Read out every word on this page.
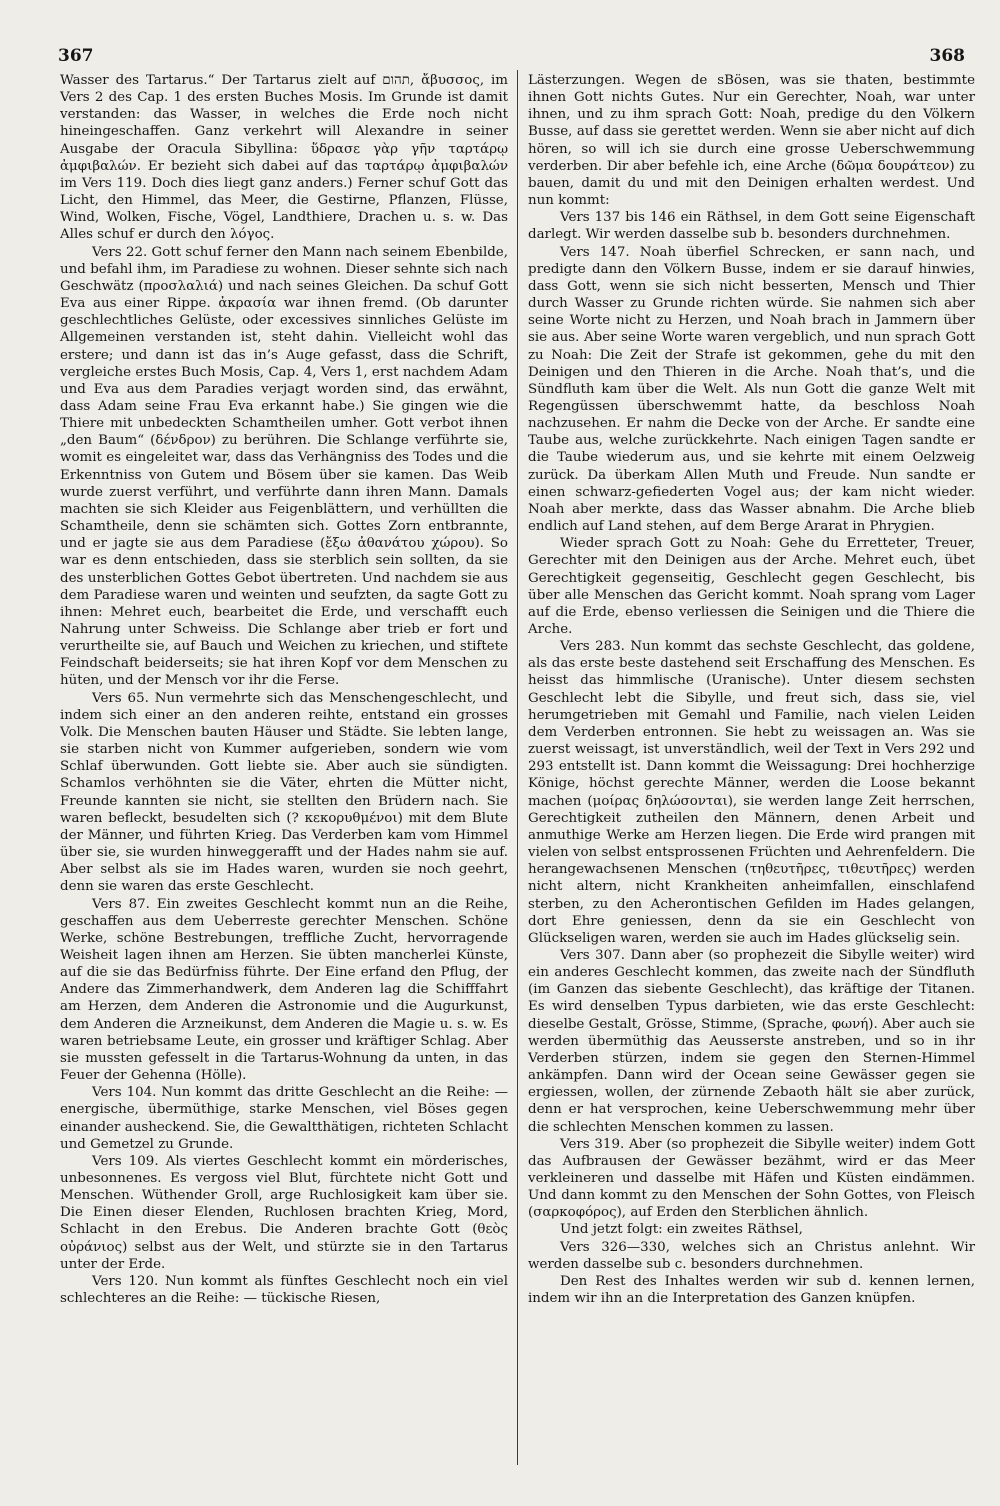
367	368

Wasser des Tartarus.“ Der Tartarus zielt auf תהום, ἄβυσσος, im Vers 2 des Cap. 1 des ersten Buches Mosis. Im Grunde ist damit verstanden: das Wasser, in welches die Erde noch nicht hineingeschaffen. Ganz verkehrt will Alexandre in seiner Ausgabe der Oracula Sibyllina: ὕδρασε γὰρ γῆν ταρτάρῳ ἀμφιβαλών. Er bezieht sich dabei auf das ταρτάρῳ ἀμφιβαλών im Vers 119. Doch dies liegt ganz anders.) Ferner schuf Gott das Licht, den Himmel, das Meer, die Gestirne, Pflanzen, Flüsse, Wind, Wolken, Fische, Vögel, Landthiere, Drachen u. s. w. Das Alles schuf er durch den λόγος.

Vers 22. Gott schuf ferner den Mann nach seinem Ebenbilde, und befahl ihm, im Paradiese zu wohnen. Dieser sehnte sich nach Geschwätz (προσλαλιά) und nach seines Gleichen. Da schuf Gott Eva aus einer Rippe. ἀκρασία war ihnen fremd. (Ob darunter geschlechtliches Gelüste, oder excessives sinnliches Gelüste im Allgemeinen verstanden ist, steht dahin. Vielleicht wohl das erstere; und dann ist das in’s Auge gefasst, dass die Schrift, vergleiche erstes Buch Mosis, Cap. 4, Vers 1, erst nachdem Adam und Eva aus dem Paradies verjagt worden sind, das erwähnt, dass Adam seine Frau Eva erkannt habe.) Sie gingen wie die Thiere mit unbedeckten Schamtheilen umher. Gott verbot ihnen „den Baum“ (δένδρον) zu berühren. Die Schlange verführte sie, womit es eingeleitet war, dass das Verhängniss des Todes und die Erkenntniss von Gutem und Bösem über sie kamen. Das Weib wurde zuerst verführt, und verführte dann ihren Mann. Damals machten sie sich Kleider aus Feigenblättern, und verhüllten die Schamtheile, denn sie schämten sich. Gottes Zorn entbrannte, und er jagte sie aus dem Paradiese (ἔξω ἀθανάτου χώρου). So war es denn entschieden, dass sie sterblich sein sollten, da sie des unsterblichen Gottes Gebot übertreten. Und nachdem sie aus dem Paradiese waren und weinten und seufzten, da sagte Gott zu ihnen: Mehret euch, bearbeitet die Erde, und verschafft euch Nahrung unter Schweiss. Die Schlange aber trieb er fort und verurtheilte sie, auf Bauch und Weichen zu kriechen, und stiftete Feindschaft beiderseits; sie hat ihren Kopf vor dem Menschen zu hüten, und der Mensch vor ihr die Ferse.

Vers 65. Nun vermehrte sich das Menschengeschlecht, und indem sich einer an den anderen reihte, entstand ein grosses Volk. Die Menschen bauten Häuser und Städte. Sie lebten lange, sie starben nicht von Kummer aufgerieben, sondern wie vom Schlaf überwunden. Gott liebte sie. Aber auch sie sündigten. Schamlos verhöhnten sie die Väter, ehrten die Mütter nicht, Freunde kannten sie nicht, sie stellten den Brüdern nach. Sie waren befleckt, besudelten sich (? κεκορυθμένοι) mit dem Blute der Männer, und führten Krieg. Das Verderben kam vom Himmel über sie, sie wurden hinweggerafft und der Hades nahm sie auf. Aber selbst als sie im Hades waren, wurden sie noch geehrt, denn sie waren das erste Geschlecht.

Vers 87. Ein zweites Geschlecht kommt nun an die Reihe, geschaffen aus dem Ueberreste gerechter Menschen. Schöne Werke, schöne Bestrebungen, treffliche Zucht, hervorragende Weisheit lagen ihnen am Herzen. Sie übten mancherlei Künste, auf die sie das Bedürfniss führte. Der Eine erfand den Pflug, der Andere das Zimmerhandwerk, dem Anderen lag die Schifffahrt am Herzen, dem Anderen die Astronomie und die Augurkunst, dem Anderen die Arzneikunst, dem Anderen die Magie u. s. w. Es waren betriebsame Leute, ein grosser und kräftiger Schlag. Aber sie mussten gefesselt in die Tartarus-Wohnung da unten, in das Feuer der Gehenna (Hölle).

Vers 104. Nun kommt das dritte Geschlecht an die Reihe: — energische, übermüthige, starke Menschen, viel Böses gegen einander ausheckend. Sie, die Gewaltthätigen, richteten Schlacht und Gemetzel zu Grunde.

Vers 109. Als viertes Geschlecht kommt ein mörderisches, unbesonnenes. Es vergoss viel Blut, fürchtete nicht Gott und Menschen. Wüthender Groll, arge Ruchlosigkeit kam über sie. Die Einen dieser Elenden, Ruchlosen brachten Krieg, Mord, Schlacht in den Erebus. Die Anderen brachte Gott (θεὸς οὐράνιος) selbst aus der Welt, und stürzte sie in den Tartarus unter der Erde.

Vers 120. Nun kommt als fünftes Geschlecht noch ein viel schlechteres an die Reihe: — tückische Riesen,

Lästerzungen. Wegen de sBösen, was sie thaten, bestimmte ihnen Gott nichts Gutes. Nur ein Gerechter, Noah, war unter ihnen, und zu ihm sprach Gott: Noah, predige du den Völkern Busse, auf dass sie gerettet werden. Wenn sie aber nicht auf dich hören, so will ich sie durch eine grosse Ueberschwemmung verderben. Dir aber befehle ich, eine Arche (δῶμα δουράτεον) zu bauen, damit du und mit den Deinigen erhalten werdest. Und nun kommt:

Vers 137 bis 146 ein Räthsel, in dem Gott seine Eigenschaft darlegt. Wir werden dasselbe sub b. besonders durchnehmen.

Vers 147. Noah überfiel Schrecken, er sann nach, und predigte dann den Völkern Busse, indem er sie darauf hinwies, dass Gott, wenn sie sich nicht besserten, Mensch und Thier durch Wasser zu Grunde richten würde. Sie nahmen sich aber seine Worte nicht zu Herzen, und Noah brach in Jammern über sie aus. Aber seine Worte waren vergeblich, und nun sprach Gott zu Noah: Die Zeit der Strafe ist gekommen, gehe du mit den Deinigen und den Thieren in die Arche. Noah that’s, und die Sündfluth kam über die Welt. Als nun Gott die ganze Welt mit Regengüssen überschwemmt hatte, da beschloss Noah nachzusehen. Er nahm die Decke von der Arche. Er sandte eine Taube aus, welche zurückkehrte. Nach einigen Tagen sandte er die Taube wiederum aus, und sie kehrte mit einem Oelzweig zurück. Da überkam Allen Muth und Freude. Nun sandte er einen schwarz-gefiederten Vogel aus; der kam nicht wieder. Noah aber merkte, dass das Wasser abnahm. Die Arche blieb endlich auf Land stehen, auf dem Berge Ararat in Phrygien.

Wieder sprach Gott zu Noah: Gehe du Erretteter, Treuer, Gerechter mit den Deinigen aus der Arche. Mehret euch, übet Gerechtigkeit gegenseitig, Geschlecht gegen Geschlecht, bis über alle Menschen das Gericht kommt. Noah sprang vom Lager auf die Erde, ebenso verliessen die Seinigen und die Thiere die Arche.

Vers 283. Nun kommt das sechste Geschlecht, das goldene, als das erste beste dastehend seit Erschaffung des Menschen. Es heisst das himmlische (Uranische). Unter diesem sechsten Geschlecht lebt die Sibylle, und freut sich, dass sie, viel herumgetrieben mit Gemahl und Familie, nach vielen Leiden dem Verderben entronnen. Sie hebt zu weissagen an. Was sie zuerst weissagt, ist unverständlich, weil der Text in Vers 292 und 293 entstellt ist. Dann kommt die Weissagung: Drei hochherzige Könige, höchst gerechte Männer, werden die Loose bekannt machen (μοίρας δηλώσονται), sie werden lange Zeit herrschen, Gerechtigkeit zutheilen den Männern, denen Arbeit und anmuthige Werke am Herzen liegen. Die Erde wird prangen mit vielen von selbst entsprossenen Früchten und Aehrenfeldern. Die herangewachsenen Menschen (τηθευτῆρες, τιθευτῆρες) werden nicht altern, nicht Krankheiten anheimfallen, einschlafend sterben, zu den Acherontischen Gefilden im Hades gelangen, dort Ehre geniessen, denn da sie ein Geschlecht von Glückseligen waren, werden sie auch im Hades glückselig sein.

Vers 307. Dann aber (so prophezeit die Sibylle weiter) wird ein anderes Geschlecht kommen, das zweite nach der Sündfluth (im Ganzen das siebente Geschlecht), das kräftige der Titanen. Es wird denselben Typus darbieten, wie das erste Geschlecht: dieselbe Gestalt, Grösse, Stimme, (Sprache, φωνή). Aber auch sie werden übermüthig das Aeusserste anstreben, und so in ihr Verderben stürzen, indem sie gegen den Sternen-Himmel ankämpfen. Dann wird der Ocean seine Gewässer gegen sie ergiessen, wollen, der zürnende Zebaoth hält sie aber zurück, denn er hat versprochen, keine Ueberschwemmung mehr über die schlechten Menschen kommen zu lassen.

Vers 319. Aber (so prophezeit die Sibylle weiter) indem Gott das Aufbrausen der Gewässer bezähmt, wird er das Meer verkleineren und dasselbe mit Häfen und Küsten eindämmen. Und dann kommt zu den Menschen der Sohn Gottes, von Fleisch (σαρκοφόρος), auf Erden den Sterblichen ähnlich.

Und jetzt folgt: ein zweites Räthsel,

Vers 326—330, welches sich an Christus anlehnt. Wir werden dasselbe sub c. besonders durchnehmen.

Den Rest des Inhaltes werden wir sub d. kennen lernen, indem wir ihn an die Interpretation des Ganzen knüpfen.
